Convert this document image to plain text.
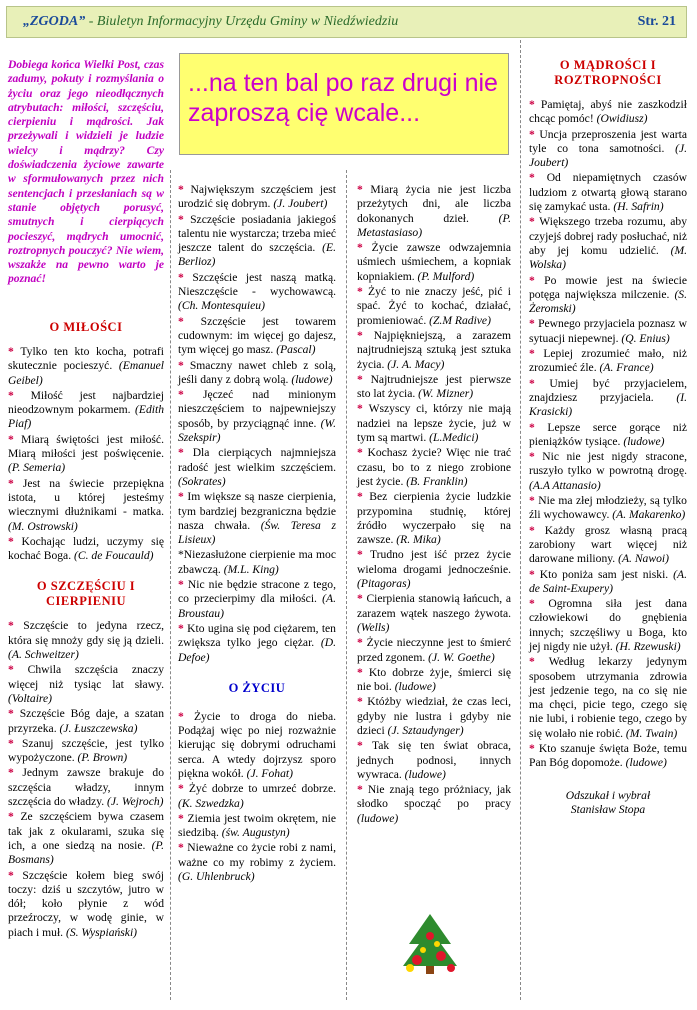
„ZGODA” - Biuletyn Informacyjny Urzędu Gminy w Niedźwiedziu	Str. 21
Dobiega końca Wielki Post, czas zadumy, pokuty i rozmyślania o życiu oraz jego nieodłącznych atrybutach: miłości, szczęściu, cierpieniu i mądrości. Jak przeżywali i widzieli je ludzie wielcy i mądrzy? Czy doświadczenia życiowe zawarte w sformułowanych przez nich sentencjach i przesłaniach są w stanie objętych porusyć, smutnych i cierpiących pocieszyć, mądrych umocnić, roztropnych pouczyć? Nie wiem, wszakże na pewno warto je poznać!
...na ten bal po raz drugi nie zaproszą cię wcale...
O MIŁOŚCI

* Tylko ten kto kocha, potrafi skutecznie pocieszyć. (Emanuel Geibel)

* Miłość jest najbardziej nieodzownym pokarmem. (Edith Piaf)

* Miarą świętości jest miłość. Miarą miłości jest poświęcenie. (P. Semeria)

* Jest na świecie przepiękna istota, u której jesteśmy wiecznymi dłużnikami - matka. (M. Ostrowski)

* Kochając ludzi, uczymy się kochać Boga. (C. de Foucauld)

O SZCZĘŚCIU I CIERPIENIU

* Szczęście to jedyna rzecz, która się mnoży gdy się ją dzieli. (A. Schweitzer)

* Chwila szczęścia znaczy więcej niż tysiąc lat sławy. (Voltaire)

* Szczęście Bóg daje, a szatan przyrzeka. (J. Łuszczewska)

* Szanuj szczęście, jest tylko wypożyczone. (P. Brown)

* Jednym zawsze brakuje do szczęścia władzy, innym szczęścia do władzy. (J. Wejroch)

* Ze szczęściem bywa czasem tak jak z okularami, szuka się ich, a one siedzą na nosie. (P. Bosmans)

* Szczęście kołem bieg swój toczy: dziś u szczytów, jutro w dół; koło płynie z wód przeźroczy, w wodę ginie, w piach i muł. (S. Wyspiański)

* Największym szczęściem jest urodzić się dobrym. (J. Joubert)

* Szczęście posiadania jakiegoś talentu nie wystarcza; trzeba mieć jeszcze talent do szczęścia. (E. Berlioz)

* Szczęście jest naszą matką. Nieszczęście - wychowawcą. (Ch. Montesquieu)

* Szczęście jest towarem cudownym: im więcej go dajesz, tym więcej go masz. (Pascal)

* Smaczny nawet chleb z solą, jeśli dany z dobrą wolą. (ludowe)

* Jęczeć nad minionym nieszczęściem to najpewniejszy sposób, by przyciągnąć inne. (W. Szekspir)

* Dla cierpiących najmniejsza radość jest wielkim szczęściem. (Sokrates)

* Im większe są nasze cierpienia, tym bardziej bezgraniczna będzie nasza chwała. (Św. Teresa z Lisieux)

*Niezasłużone cierpienie ma moc zbawczą. (M.L. King)

* Nic nie będzie stracone z tego, co przecierpimy dla miłości. (A. Broustau)

* Kto ugina się pod ciężarem, ten zwiększa tylko jego ciężar. (D. Defoe)

O ŻYCIU

* Życie to droga do nieba. Podążaj więc po niej rozważnie kierując się dobrymi odruchami serca. A wtedy dojrzysz sporo piękna wokół. (J. Fohat)

* Żyć dobrze to umrzeć dobrze. (K. Szwedzka)

* Ziemia jest twoim okrętem, nie siedzibą. (św. Augustyn)

* Nieważne co życie robi z nami, ważne co my robimy z życiem. (G. Uhlenbruck)

* Miarą życia nie jest liczba przeżytych dni, ale liczba dokonanych dzieł. (P. Metastasiaso)

* Życie zawsze odwzajemnia uśmiech uśmiechem, a kopniak kopniakiem. (P. Mulford)

* Żyć to nie znaczy jeść, pić i spać. Żyć to kochać, działać, promieniować. (Z.M Radive)

* Najpiękniejszą, a zarazem najtrudniejszą sztuką jest sztuka życia. (J. A. Macy)

* Najtrudniejsze jest pierwsze sto lat życia. (W. Mizner)

* Wszyscy ci, którzy nie mają nadziei na lepsze życie, już w tym są martwi. (L.Medici)

* Kochasz życie? Więc nie trać czasu, bo to z niego zrobione jest życie. (B. Franklin)

* Bez cierpienia życie ludzkie przypomina studnię, której źródło wyczerpało się na zawsze. (R. Mika)

* Trudno jest iść przez życie wieloma drogami jednocześnie. (Pitagoras)

* Cierpienia stanowią łańcuch, a zarazem wątek naszego żywota. (Wells)

* Życie nieczynne jest to śmierć przed zgonem. (J. W. Goethe)

* Kto dobrze żyje, śmierci się nie boi. (ludowe)

* Któżby wiedział, że czas leci, gdyby nie lustra i gdyby nie dzieci (J. Sztaudynger)

* Tak się ten świat obraca, jednych podnosi, innych wywraca. (ludowe)

* Nie znają tego próżniacy, jak słodko spocząć po pracy (ludowe)

O MĄDROŚCI I ROZTROPNOŚCI

* Pamiętaj, abyś nie zaszkodził chcąc pomóc! (Owidiusz)

* Uncja przeproszenia jest warta tyle co tona samotności. (J. Joubert)

* Od niepamiętnych czasów ludziom z otwartą głową starano się zamykać usta. (H. Safrin)

* Większego trzeba rozumu, aby czyjejś dobrej rady posłuchać, niż aby jej komu udzielić. (M. Wolska)

* Po mowie jest na świecie potęga największa milczenie. (S. Żeromski)

* Pewnego przyjaciela poznasz w sytuacji niepewnej. (Q. Enius)

* Lepiej zrozumieć mało, niż zrozumieć źle. (A. France)

* Umiej być przyjacielem, znajdziesz przyjaciela. (I. Krasicki)

* Lepsze serce gorące niż pieniążków tysiące. (ludowe)

* Nic nie jest nigdy stracone, ruszyło tylko w powrotną drogę. (A.A Attanasio)

* Nie ma złej młodzieży, są tylko źli wychowawcy. (A. Makarenko)

* Każdy grosz własną pracą zarobiony wart więcej niż darowane miliony. (A. Nawoi)

* Kto poniża sam jest niski. (A. de Saint-Exupery)

* Ogromna siła jest dana człowiekowi do gnębienia innych; szczęśliwy u Boga, kto jej nigdy nie użył. (H. Rzewuski)

* Według lekarzy jedynym sposobem utrzymania zdrowia jest jedzenie tego, na co się nie ma chęci, picie tego, czego się nie lubi, i robienie tego, czego by się wolało nie robić. (M. Twain)

* Kto szanuje święta Boże, temu Pan Bóg dopomoże. (ludowe)

Odszukał i wybrał
Stanisław Stopa
